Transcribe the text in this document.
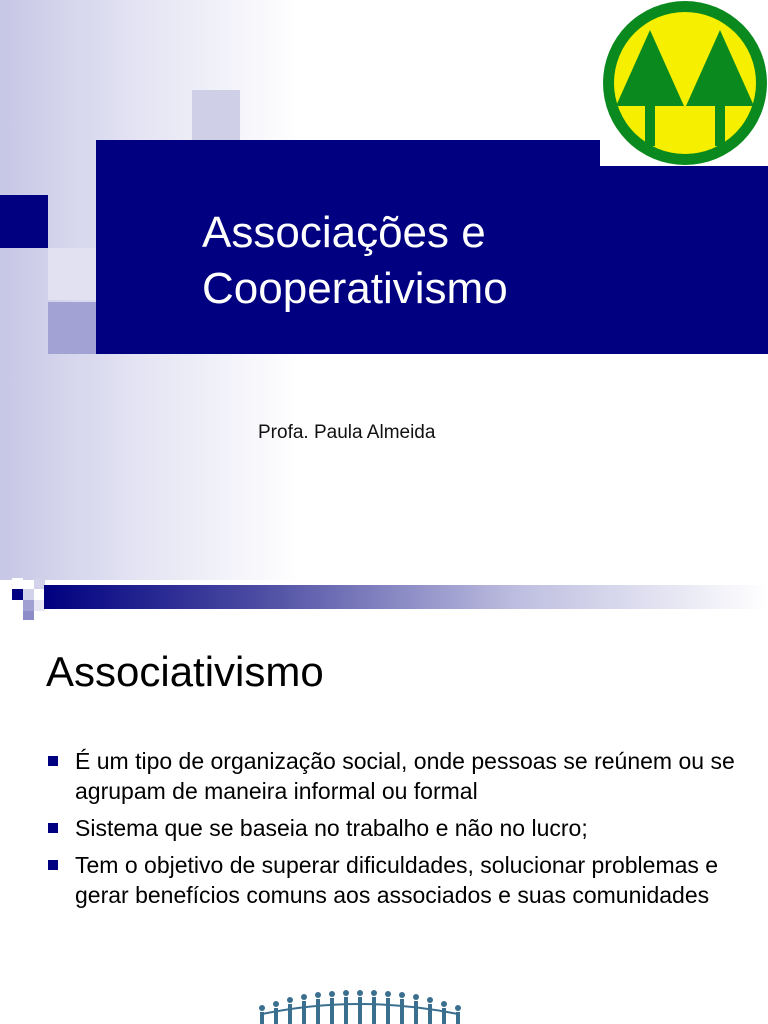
Associações e
Cooperativismo

Profa. Paula Almeida

Associativismo
É um tipo de organização social, onde pessoas se reúnem ou se agrupam de maneira informal ou formal
Sistema que se baseia no trabalho e não no lucro;
Tem o objetivo de superar dificuldades, solucionar problemas e gerar benefícios comuns aos associados e suas comunidades
